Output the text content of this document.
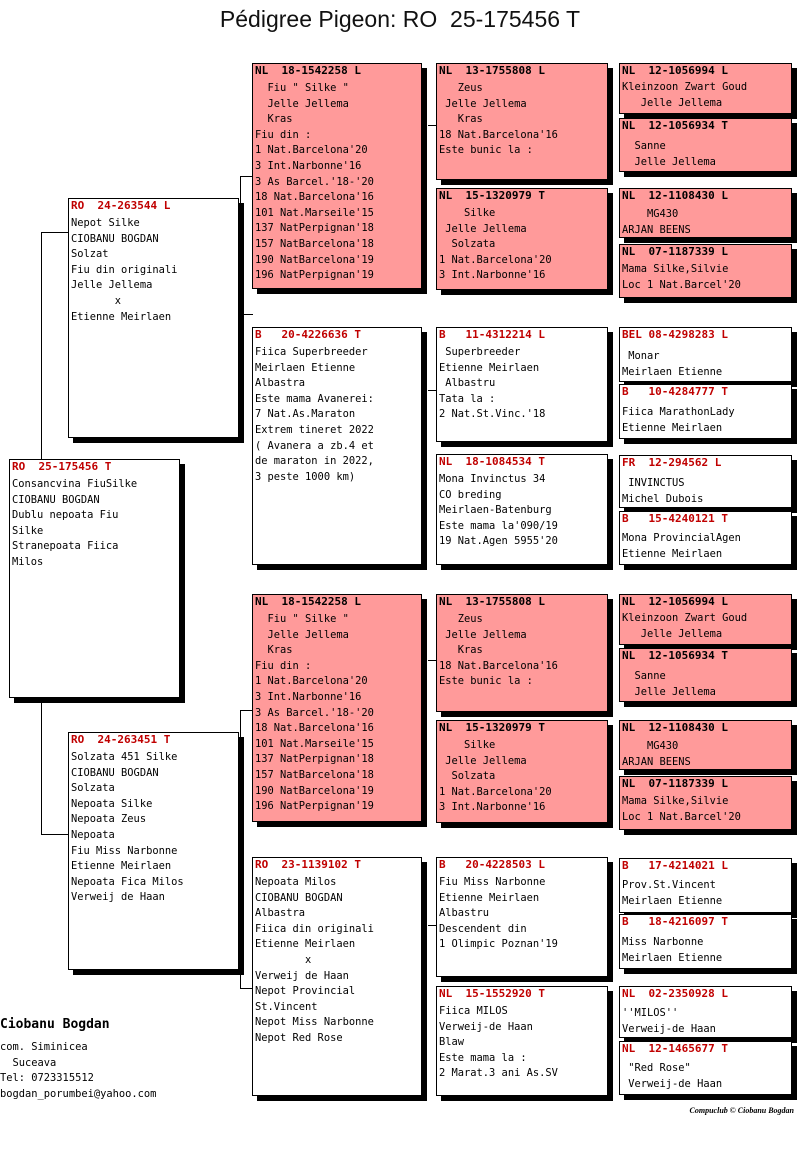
Pédigree Pigeon: RO  25-175456 T
RO  25-175456 T
Consancvina FiuSilke
CIOBANU BOGDAN
Dublu nepoata Fiu
Silke
Stranepoata Fiica
Milos
RO  24-263544 L
Nepot Silke
CIOBANU BOGDAN
Solzat
Fiu din originali
Jelle Jellema
x
Etienne Meirlaen
RO  24-263451 T
Solzata 451 Silke
CIOBANU BOGDAN
Solzata
Nepoata Silke
Nepoata Zeus
Nepoata
Fiu Miss Narbonne
Etienne Meirlaen
Nepoata Fica Milos
Verweij de Haan
NL  18-1542258 L
Fiu " Silke "
Jelle Jellema
Kras
Fiu din :
1 Nat.Barcelona'20
3 Int.Narbonne'16
3 As Barcel.'18-'20
18 Nat.Barcelona'16
101 Nat.Marseile'15
137 NatPerpignan'18
157 NatBarcelona'18
190 NatBarcelona'19
196 NatPerpignan'19
B   20-4226636 T
Fiica Superbreeder
Meirlaen Etienne
Albastra
Este mama Avanerei:
7 Nat.As.Maraton
Extrem tineret 2022
( Avanera a zb.4 et
de maraton in 2022,
3 peste 1000 km)
NL  18-1542258 L
Fiu " Silke "
Jelle Jellema
Kras
Fiu din :
1 Nat.Barcelona'20
3 Int.Narbonne'16
3 As Barcel.'18-'20
18 Nat.Barcelona'16
101 Nat.Marseile'15
137 NatPerpignan'18
157 NatBarcelona'18
190 NatBarcelona'19
196 NatPerpignan'19
RO  23-1139102 T
Nepoata Milos
CIOBANU BOGDAN
Albastra
Fiica din originali
Etienne Meirlaen
x
Verweij de Haan
Nepot Provincial
St.Vincent
Nepot Miss Narbonne
Nepot Red Rose
NL  13-1755808 L
Zeus
Jelle Jellema
Kras
18 Nat.Barcelona'16
Este bunic la :
NL  15-1320979 T
Silke
Jelle Jellema
Solzata
1 Nat.Barcelona'20
3 Int.Narbonne'16
B   11-4312214 L
Superbreeder
Etienne Meirlaen
Albastru
Tata la :
2 Nat.St.Vinc.'18
NL  18-1084534 T
Mona Invinctus 34
CO breding
Meirlaen-Batenburg
Este mama la'090/19
19 Nat.Agen 5955'20
NL  13-1755808 L
Zeus
Jelle Jellema
Kras
18 Nat.Barcelona'16
Este bunic la :
NL  15-1320979 T
Silke
Jelle Jellema
Solzata
1 Nat.Barcelona'20
3 Int.Narbonne'16
B   20-4228503 L
Fiu Miss Narbonne
Etienne Meirlaen
Albastru
Descendent din
1 Olimpic Poznan'19
NL  15-1552920 T
Fiica MILOS
Verweij-de Haan
Blaw
Este mama la :
2 Marat.3 ani As.SV
NL  12-1056994 L
Kleinzoon Zwart Goud
Jelle Jellema
NL  12-1056934 T
Sanne
Jelle Jellema
NL  12-1108430 L
MG430
ARJAN BEENS
NL  07-1187339 L
Mama Silke,Silvie
Loc 1 Nat.Barcel'20
BEL 08-4298283 L
Monar
Meirlaen Etienne
B   10-4284777 T
Fiica MarathonLady
Etienne Meirlaen
FR  12-294562 L
INVINCTUS
Michel Dubois
B   15-4240121 T
Mona ProvincialAgen
Etienne Meirlaen
NL  12-1056994 L
Kleinzoon Zwart Goud
Jelle Jellema
NL  12-1056934 T
Sanne
Jelle Jellema
NL  12-1108430 L
MG430
ARJAN BEENS
NL  07-1187339 L
Mama Silke,Silvie
Loc 1 Nat.Barcel'20
B   17-4214021 L
Prov.St.Vincent
Meirlaen Etienne
B   18-4216097 T
Miss Narbonne
Meirlaen Etienne
NL  02-2350928 L
''MILOS''
Verweij-de Haan
NL  12-1465677 T
"Red Rose"
Verweij-de Haan
Ciobanu Bogdan
com. Siminicea
Suceava
Tel: 0723315512
bogdan_porumbei@yahoo.com
Compuclub © Ciobanu Bogdan
